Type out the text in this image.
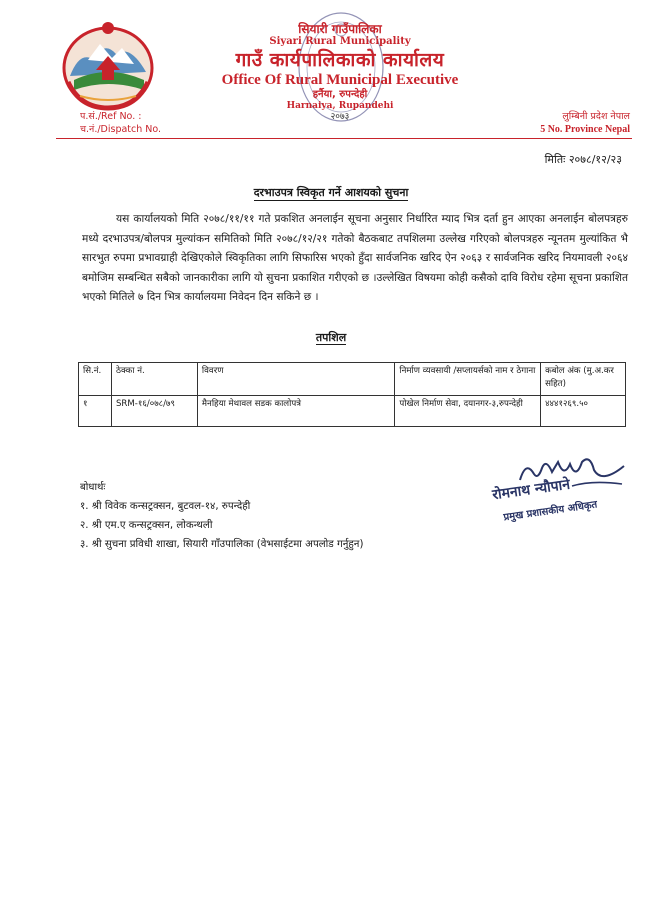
सियारी गाउँपालिका
Siyari Rural Municipality
गाउँ कार्यपालिकाको कार्यालय
Office Of Rural Municipal Executive
हर्नैया, रुपन्देही
Harnaiya, Rupandehi
२०७३
प.सं./Ref No. :
च.नं./Dispatch No.
लुम्बिनी प्रदेश नेपाल
5 No. Province Nepal
मितिः २०७८/१२/२३
दरभाउपत्र स्विकृत गर्ने आशयको सुचना
यस कार्यालयको मिति २०७८/११/११ गते प्रकशित अनलाईन सूचना अनुसार निर्धारित म्याद भित्र दर्ता हुन आएका अनलाईन बोलपत्रहरु मध्ये दरभाउपत्र/बोलपत्र मुल्यांकन समितिको मिति २०७८/१२/२१ गतेको बैठकबाट तपशिलमा उल्लेख गरिएको बोलपत्रहरु न्यूनतम मुल्यांकित भै सारभुत रुपमा प्रभावग्राही देखिएकोले स्विकृतिका लागि सिफारिस भएको हुँदा सार्वजनिक खरिद ऐन २०६३ र सार्वजनिक खरिद नियमावली २०६४ बमोजिम सम्बन्धित सबैको जानकारीका लागि यो सुचना प्रकाशित गरीएको छ ।उल्लेखित विषयमा कोही कसैको दावि विरोध रहेमा सूचना प्रकाशित भएको मितिले ७ दिन भित्र कार्यालयमा निवेदन दिन सकिने छ ।
तपशिल
सि.नं.	ठेक्का नं.	विवरण	निर्माण व्यवसायी /सप्लायर्सको नाम र ठेगाना	कबोल अंक (मु.अ.कर सहित)
१	SRM-१६/०७८/७९	मैनहिया मेथावल सडक कालोपत्रे	पोखेल निर्माण सेवा, दयानगर-३,रुपन्देही	४४४१२६९.५०
रोमनाथ न्यौपाने
प्रमुख प्रशासकीय अधिकृत
बोधार्थः
१. श्री विवेक कन्सट्रक्सन, बुटवल-१४, रुपन्देही
२. श्री एम.ए कन्सट्रक्सन, लोकन्थली
३. श्री सुचना प्रविधी शाखा, सियारी गाँउपालिका (वेभसाईटमा अपलोड गर्नुहुन)
